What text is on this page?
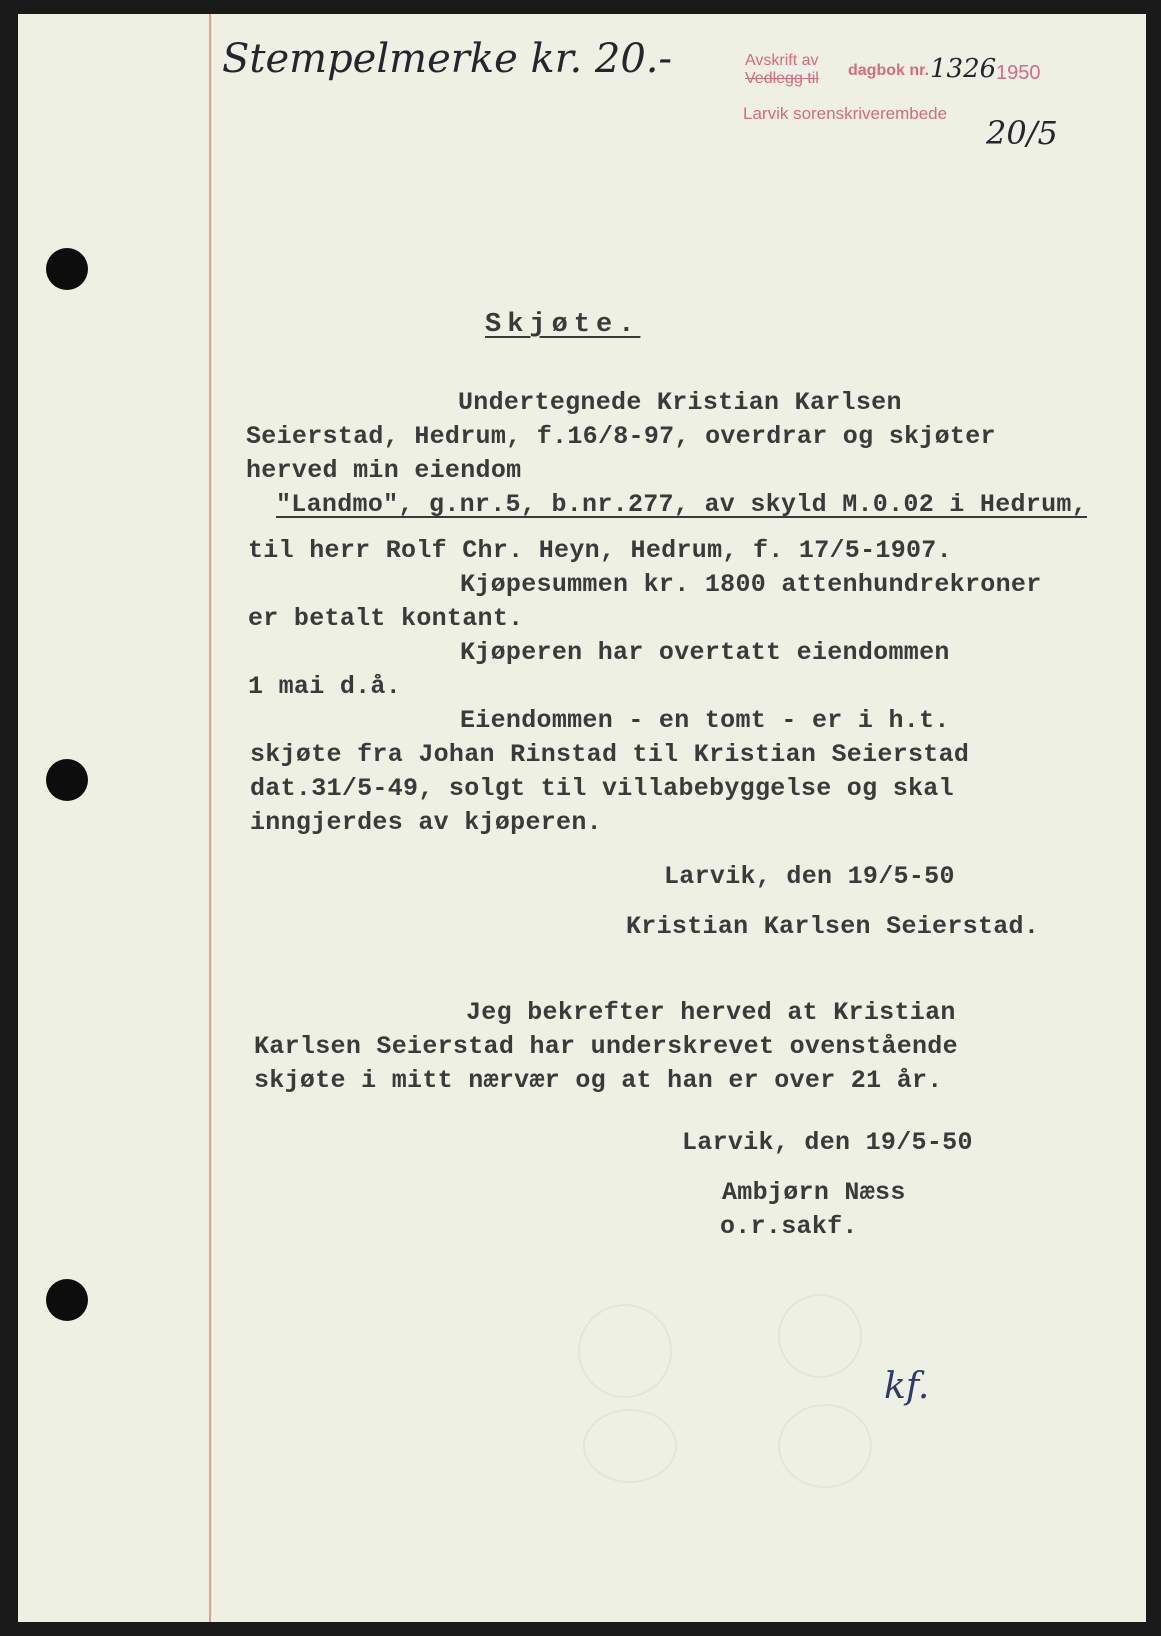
Stempelmerke kr. 20.-	Avskrift av
Vedlegg til dagbok nr. 1326 1950
Larvik sorenskriverembede
20/5
Skjøte.
Undertegnede Kristian Karlsen
Seierstad, Hedrum, f.16/8-97, overdrar og skjøter
herved min eiendom
"Landmo", g.nr.5, b.nr.277, av skyld M.0.02 i Hedrum,
til herr Rolf Chr. Heyn, Hedrum, f. 17/5-1907.
Kjøpesummen kr. 1800 attenhundrekroner
er betalt kontant.
Kjøperen har overtatt eiendommen
1 mai d.å.
Eiendommen - en tomt - er i h.t.
skjøte fra Johan Rinstad til Kristian Seierstad
dat.31/5-49, solgt til villabebyggelse og skal
inngjerdes av kjøperen.
Larvik, den 19/5-50
Kristian Karlsen Seierstad.
Jeg bekrefter herved at Kristian
Karlsen Seierstad har underskrevet ovenstående
skjøte i mitt nærvær og at han er over 21 år.
Larvik, den 19/5-50
Ambjørn Næss
o.r.sakf.
kf.
